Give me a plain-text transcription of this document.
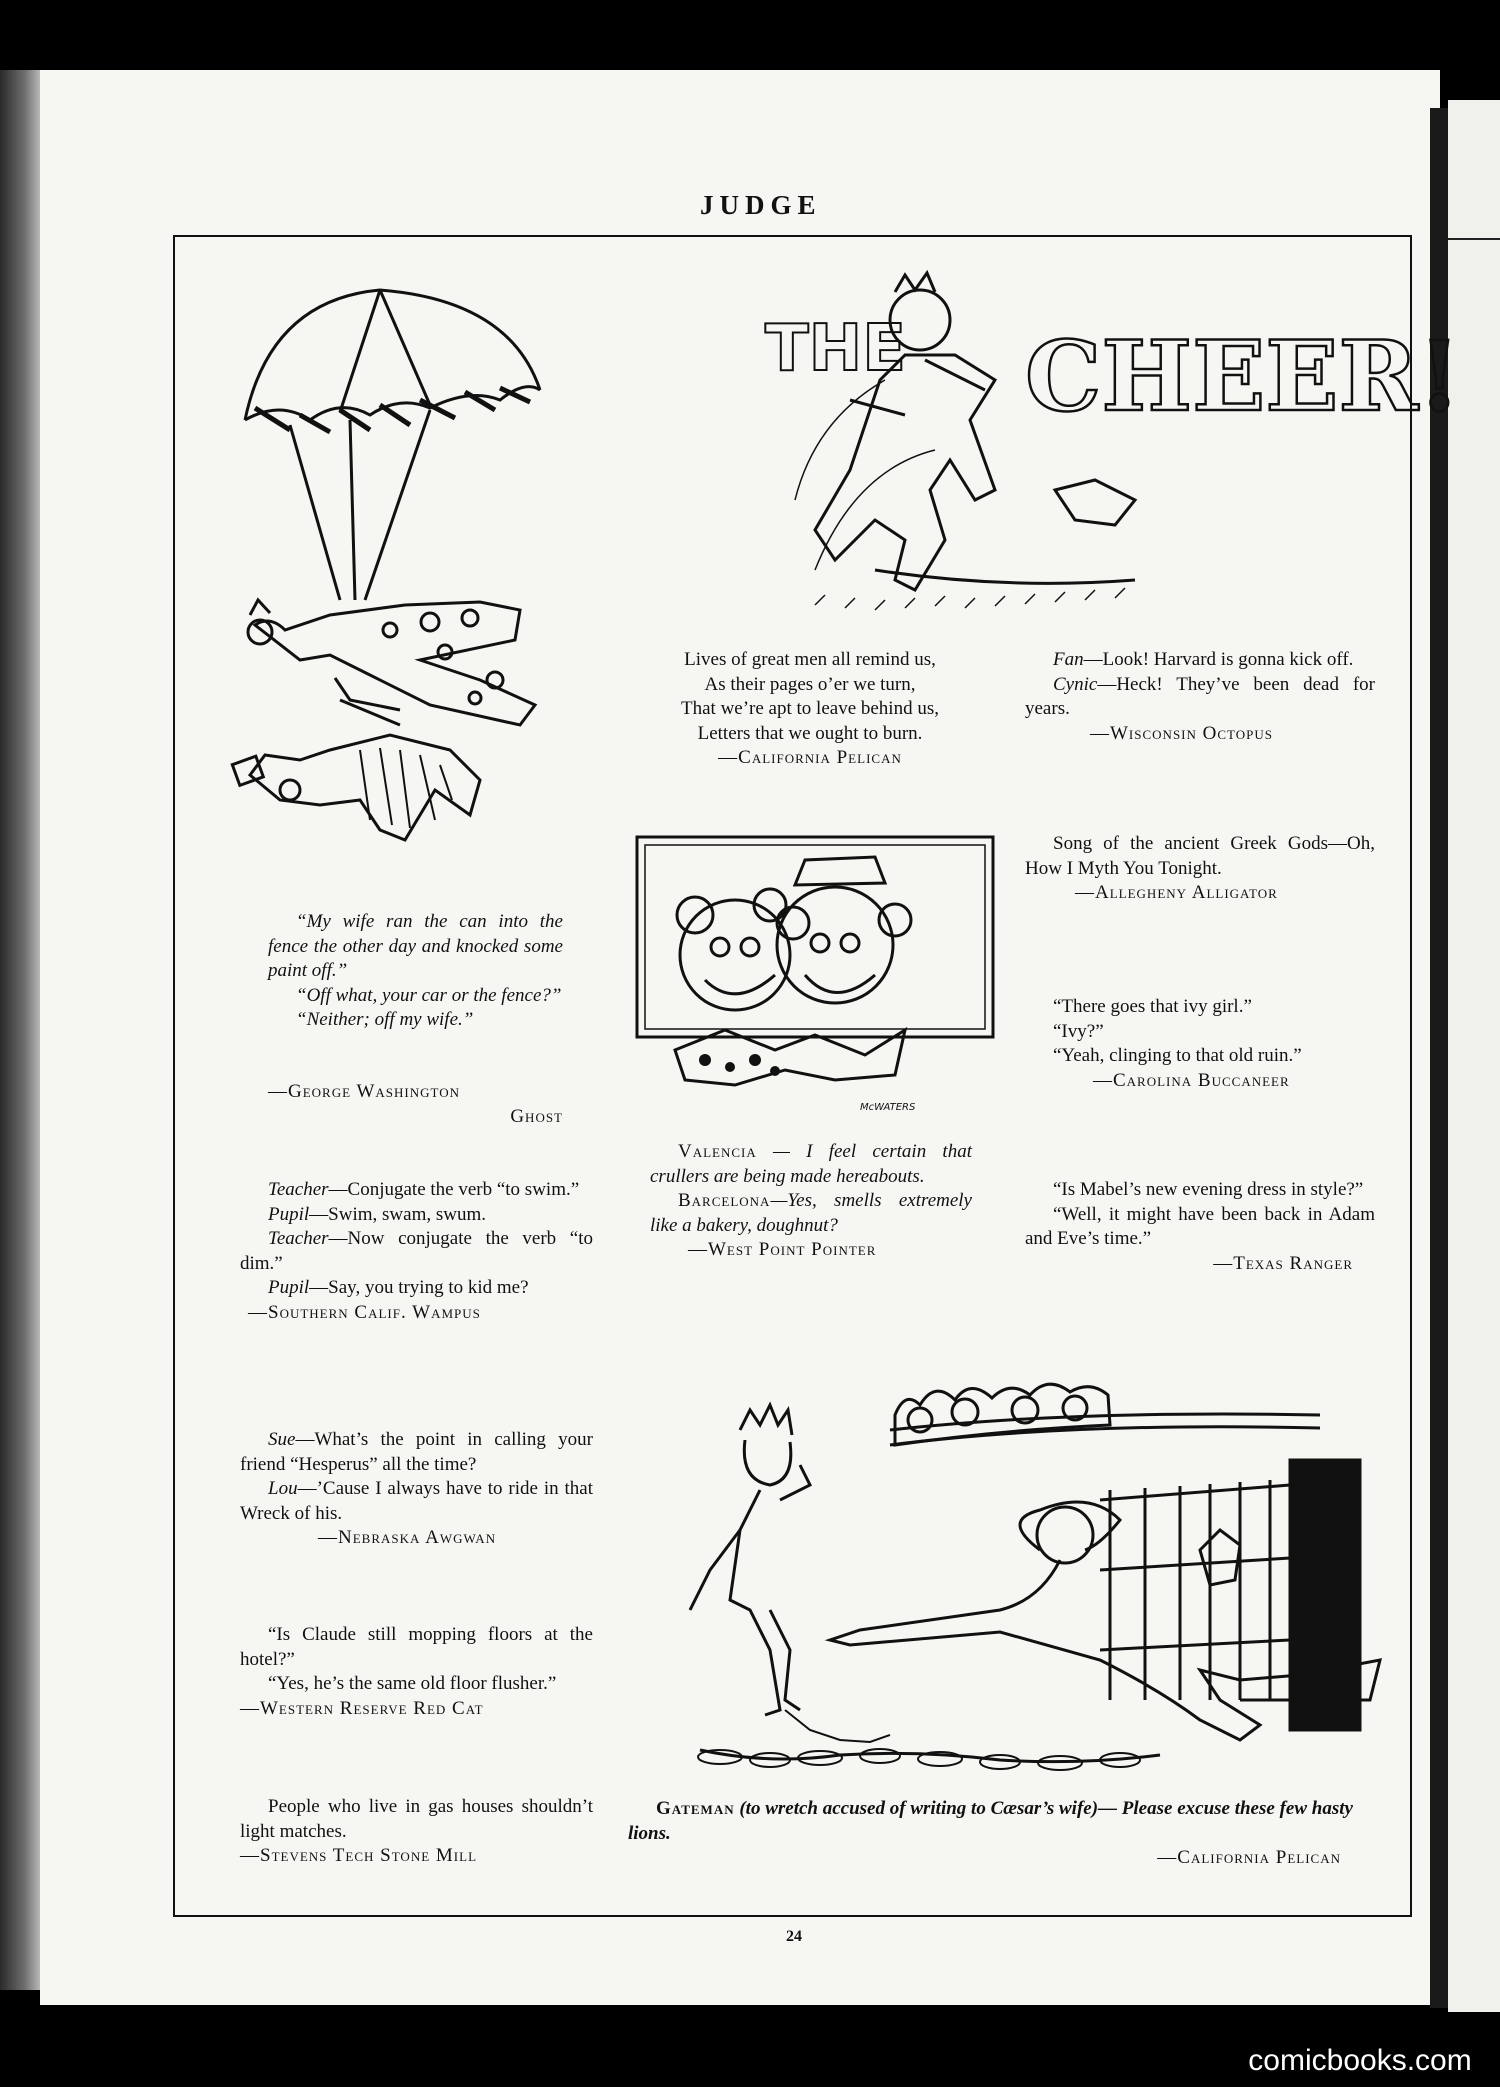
JUDGE
THE CHEER!
McWATERS

“My wife ran the can into the fence the other day and knocked some paint off.”

“Off what, your car or the fence?”

“Neither; off my wife.”

—George Washington

Ghost

Teacher—Conjugate the verb “to swim.”

Pupil—Swim, swam, swum.

Teacher—Now conjugate the verb “to dim.”

Pupil—Say, you trying to kid me?

—Southern Calif. Wampus

Sue—What’s the point in calling your friend “Hesperus” all the time?

Lou—’Cause I always have to ride in that Wreck of his.

—Nebraska Awgwan

“Is Claude still mopping floors at the hotel?”

“Yes, he’s the same old floor flusher.”

—Western Reserve Red Cat

People who live in gas houses shouldn’t light matches.

—Stevens Tech Stone Mill

Lives of great men all remind us,

As their pages o’er we turn,

That we’re apt to leave behind us,

Letters that we ought to burn.

—California Pelican

Valencia — I feel certain that crullers are being made hereabouts.

Barcelona—Yes, smells extremely like a bakery, doughnut?

—West Point Pointer

Fan—Look! Harvard is gonna kick off.

Cynic—Heck! They’ve been dead for years.

—Wisconsin Octopus

Song of the ancient Greek Gods—Oh, How I Myth You Tonight.

—Allegheny Alligator

“There goes that ivy girl.”

“Ivy?”

“Yeah, clinging to that old ruin.”

—Carolina Buccaneer

“Is Mabel’s new evening dress in style?”

“Well, it might have been back in Adam and Eve’s time.”

—Texas Ranger

Gateman (to wretch accused of writing to Cæsar’s wife)— Please excuse these few hasty lions.

—California Pelican

24
comicbooks.com
